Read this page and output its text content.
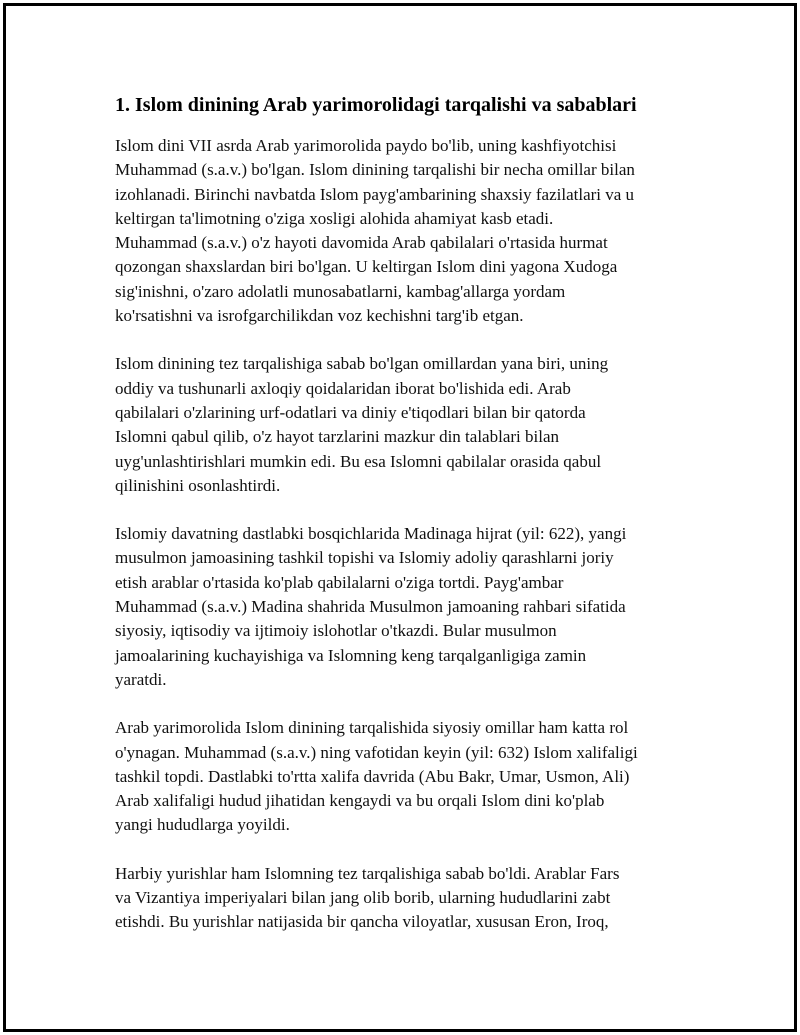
1. Islom dinining Arab yarimorolidagi tarqalishi va sabablari

Islom dini VII asrda Arab yarimorolida paydo bo'lib, uning kashfiyotchisi
Muhammad (s.a.v.) bo'lgan. Islom dinining tarqalishi bir necha omillar bilan
izohlanadi. Birinchi navbatda Islom payg'ambarining shaxsiy fazilatlari va u
keltirgan ta'limotning o'ziga xosligi alohida ahamiyat kasb etadi.
Muhammad (s.a.v.) o'z hayoti davomida Arab qabilalari o'rtasida hurmat
qozongan shaxslardan biri bo'lgan. U keltirgan Islom dini yagona Xudoga
sig'inishni, o'zaro adolatli munosabatlarni, kambag'allarga yordam
ko'rsatishni va isrofgarchilikdan voz kechishni targ'ib etgan.

Islom dinining tez tarqalishiga sabab bo'lgan omillardan yana biri, uning
oddiy va tushunarli axloqiy qoidalaridan iborat bo'lishida edi. Arab
qabilalari o'zlarining urf-odatlari va diniy e'tiqodlari bilan bir qatorda
Islomni qabul qilib, o'z hayot tarzlarini mazkur din talablari bilan
uyg'unlashtirishlari mumkin edi. Bu esa Islomni qabilalar orasida qabul
qilinishini osonlashtirdi.

Islomiy davatning dastlabki bosqichlarida Madinaga hijrat (yil: 622), yangi
musulmon jamoasining tashkil topishi va Islomiy adoliy qarashlarni joriy
etish arablar o'rtasida ko'plab qabilalarni o'ziga tortdi. Payg'ambar
Muhammad (s.a.v.) Madina shahrida Musulmon jamoaning rahbari sifatida
siyosiy, iqtisodiy va ijtimoiy islohotlar o'tkazdi. Bular musulmon
jamoalarining kuchayishiga va Islomning keng tarqalganligiga zamin
yaratdi.

Arab yarimorolida Islom dinining tarqalishida siyosiy omillar ham katta rol
o'ynagan. Muhammad (s.a.v.) ning vafotidan keyin (yil: 632) Islom xalifaligi
tashkil topdi. Dastlabki to'rtta xalifa davrida (Abu Bakr, Umar, Usmon, Ali)
Arab xalifaligi hudud jihatidan kengaydi va bu orqali Islom dini ko'plab
yangi hududlarga yoyildi.

Harbiy yurishlar ham Islomning tez tarqalishiga sabab bo'ldi. Arablar Fars
va Vizantiya imperiyalari bilan jang olib borib, ularning hududlarini zabt
etishdi. Bu yurishlar natijasida bir qancha viloyatlar, xususan Eron, Iroq,
